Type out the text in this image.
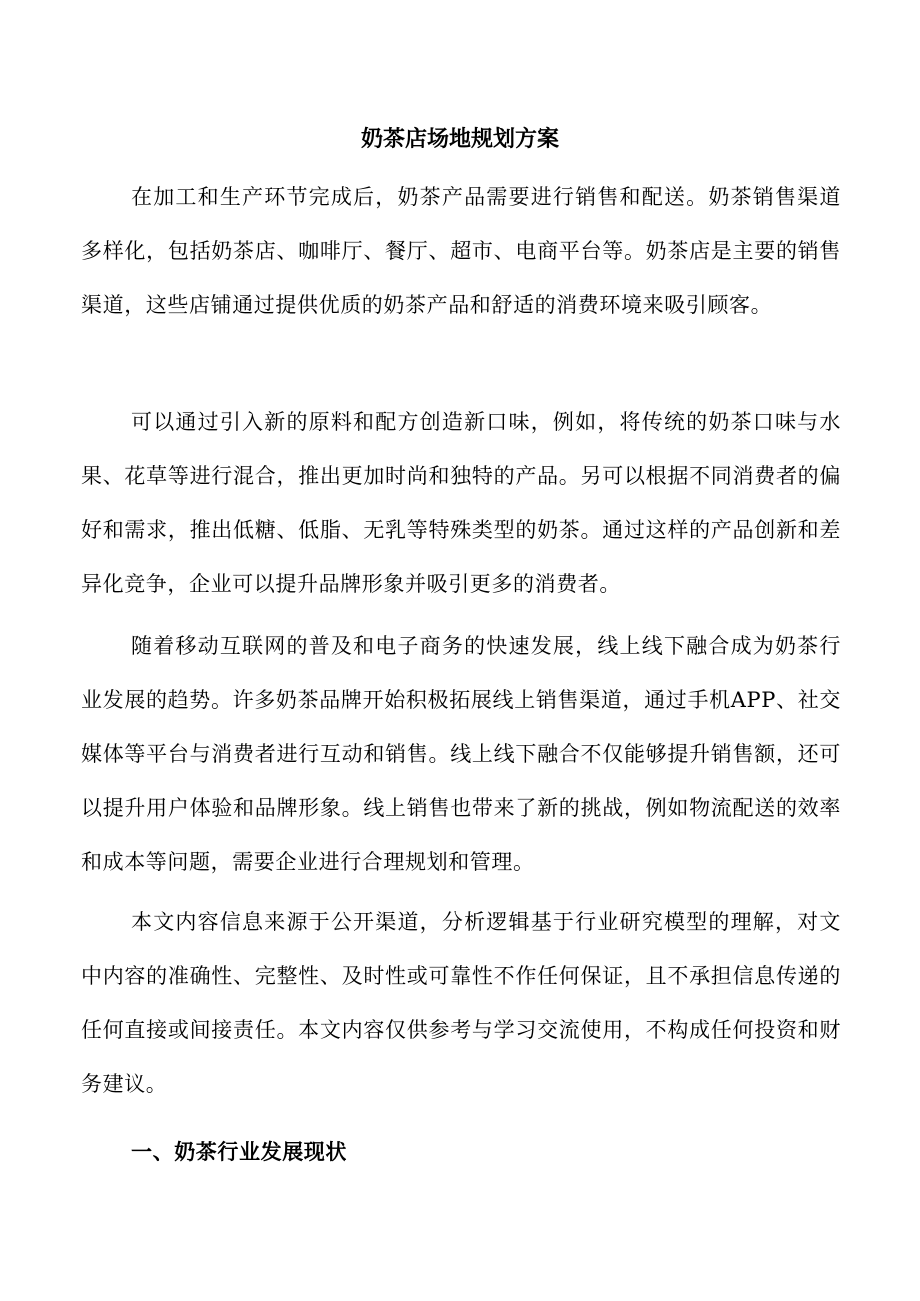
奶茶店场地规划方案

在加工和生产环节完成后，奶茶产品需要进行销售和配送。奶茶销售渠道多样化，包括奶茶店、咖啡厅、餐厅、超市、电商平台等。奶茶店是主要的销售渠道，这些店铺通过提供优质的奶茶产品和舒适的消费环境来吸引顾客。

可以通过引入新的原料和配方创造新口味，例如，将传统的奶茶口味与水果、花草等进行混合，推出更加时尚和独特的产品。另可以根据不同消费者的偏好和需求，推出低糖、低脂、无乳等特殊类型的奶茶。通过这样的产品创新和差异化竞争，企业可以提升品牌形象并吸引更多的消费者。

随着移动互联网的普及和电子商务的快速发展，线上线下融合成为奶茶行业发展的趋势。许多奶茶品牌开始积极拓展线上销售渠道，通过手机APP、社交媒体等平台与消费者进行互动和销售。线上线下融合不仅能够提升销售额，还可以提升用户体验和品牌形象。线上销售也带来了新的挑战，例如物流配送的效率和成本等问题，需要企业进行合理规划和管理。

本文内容信息来源于公开渠道，分析逻辑基于行业研究模型的理解，对文中内容的准确性、完整性、及时性或可靠性不作任何保证，且不承担信息传递的任何直接或间接责任。本文内容仅供参考与学习交流使用，不构成任何投资和财务建议。

一、奶茶行业发展现状
